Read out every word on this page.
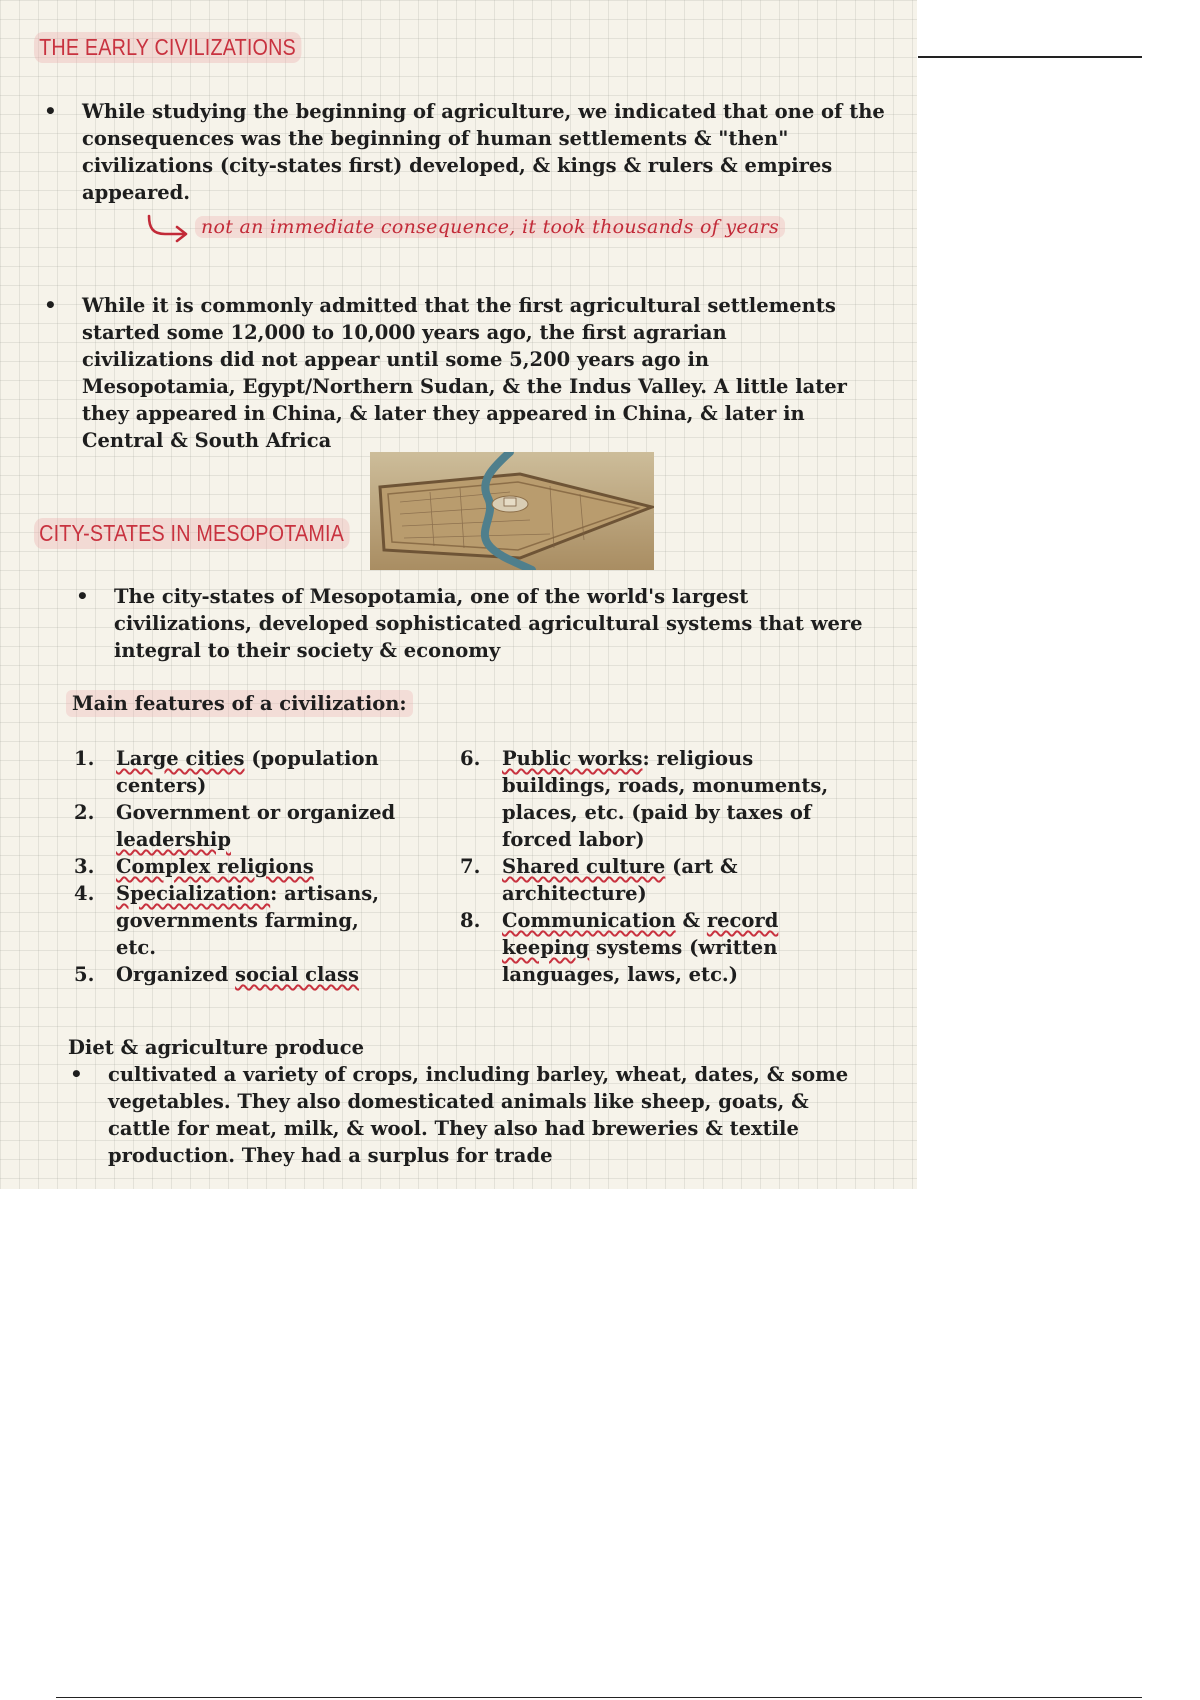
THE EARLY CIVILIZATIONS
• While studying the beginning of agriculture, we indicated that one of the
consequences was the beginning of human settlements & "then"
civilizations (city-states first) developed, & kings & rulers & empires
appeared.
not an immediate consequence, it took thousands of years
• While it is commonly admitted that the first agricultural settlements
started some 12,000 to 10,000 years ago, the first agrarian
civilizations did not appear until some 5,200 years ago in
Mesopotamia, Egypt/Northern Sudan, & the Indus Valley. A little later
they appeared in China, & later they appeared in China, & later in
Central & South Africa
CITY-STATES IN MESOPOTAMIA
• The city-states of Mesopotamia, one of the world's largest
civilizations, developed sophisticated agricultural systems that were
integral to their society & economy
Main features of a civilization:
1. Large cities (population
centers)
2. Government or organized
leadership
3. Complex religions
4. Specialization: artisans,
governments farming,
etc.
5. Organized social class
6. Public works: religious
buildings, roads, monuments,
places, etc. (paid by taxes of
forced labor)
7. Shared culture (art &
architecture)
8. Communication & record
keeping systems (written
languages, laws, etc.)
Diet & agriculture produce
• cultivated a variety of crops, including barley, wheat, dates, & some
vegetables. They also domesticated animals like sheep, goats, &
cattle for meat, milk, & wool. They also had breweries & textile
production. They had a surplus for trade
